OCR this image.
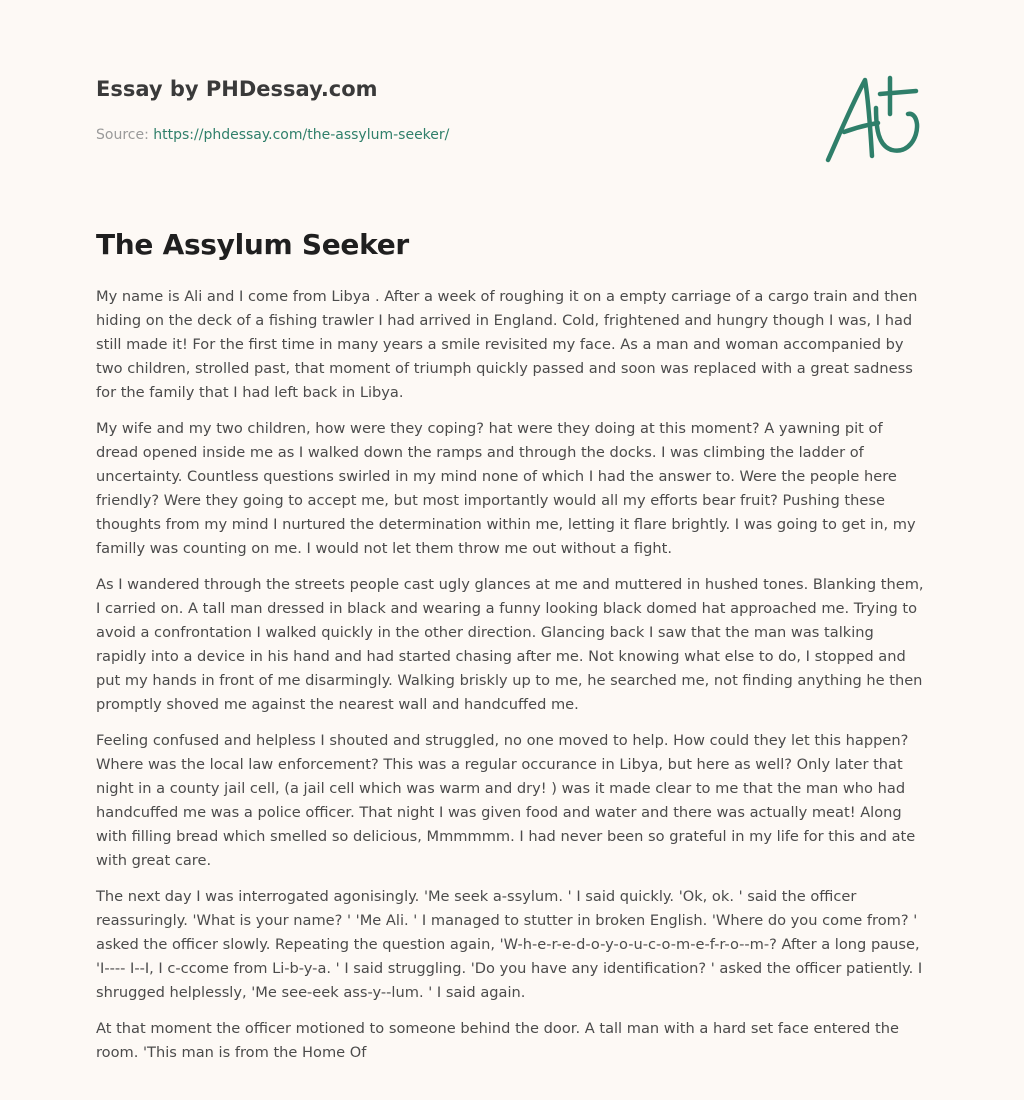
Essay by PHDessay.com

Source: https://phdessay.com/the-assylum-seeker/
The Assylum Seeker

My name is Ali and I come from Libya . After a week of roughing it on a empty carriage of a cargo train and then hiding on the deck of a fishing trawler I had arrived in England. Cold, frightened and hungry though I was, I had still made it! For the first time in many years a smile revisited my face. As a man and woman accompanied by two children, strolled past, that moment of triumph quickly passed and soon was replaced with a great sadness for the family that I had left back in Libya.

My wife and my two children, how were they coping? hat were they doing at this moment? A yawning pit of dread opened inside me as I walked down the ramps and through the docks. I was climbing the ladder of uncertainty. Countless questions swirled in my mind none of which I had the answer to. Were the people here friendly? Were they going to accept me, but most importantly would all my efforts bear fruit? Pushing these thoughts from my mind I nurtured the determination within me, letting it flare brightly. I was going to get in, my familly was counting on me. I would not let them throw me out without a fight.

As I wandered through the streets people cast ugly glances at me and muttered in hushed tones. Blanking them, I carried on. A tall man dressed in black and wearing a funny looking black domed hat approached me. Trying to avoid a confrontation I walked quickly in the other direction. Glancing back I saw that the man was talking rapidly into a device in his hand and had started chasing after me. Not knowing what else to do, I stopped and put my hands in front of me disarmingly. Walking briskly up to me, he searched me, not finding anything he then promptly shoved me against the nearest wall and handcuffed me.

Feeling confused and helpless I shouted and struggled, no one moved to help. How could they let this happen? Where was the local law enforcement? This was a regular occurance in Libya, but here as well? Only later that night in a county jail cell, (a jail cell which was warm and dry! ) was it made clear to me that the man who had handcuffed me was a police officer. That night I was given food and water and there was actually meat! Along with filling bread which smelled so delicious, Mmmmmm. I had never been so grateful in my life for this and ate with great care.

The next day I was interrogated agonisingly. 'Me seek a-ssylum. ' I said quickly. 'Ok, ok. ' said the officer reassuringly. 'What is your name? ' 'Me Ali. ' I managed to stutter in broken English. 'Where do you come from? ' asked the officer slowly. Repeating the question again, 'W-h-e-r-e-d-o-y-o-u-c-o-m-e-f-r-o--m-? After a long pause, 'I---- I--I, I c-ccome from Li-b-y-a. ' I said struggling. 'Do you have any identification? ' asked the officer patiently. I shrugged helplessly, 'Me see-eek ass-y--lum. ' I said again.

At that moment the officer motioned to someone behind the door. A tall man with a hard set face entered the room. 'This man is from the Home Of
